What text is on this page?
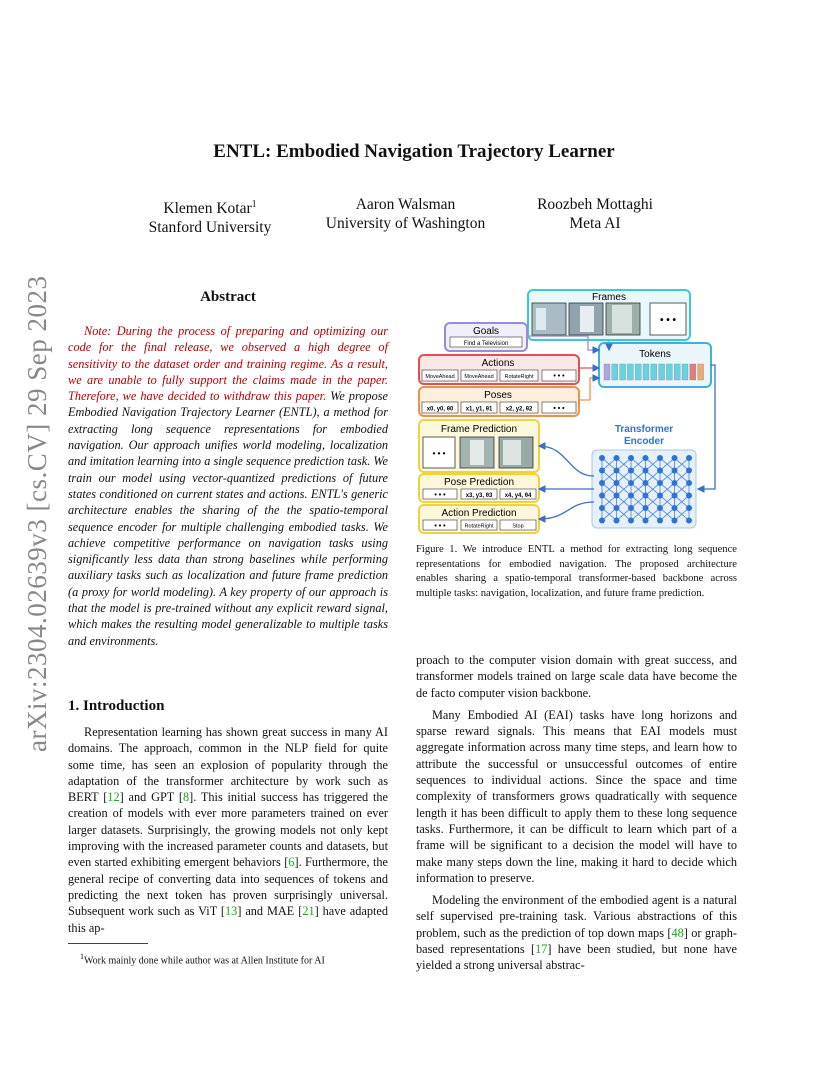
ENTL: Embodied Navigation Trajectory Learner
Klemen Kotar$^1$
Stanford University
Aaron Walsman
University of Washington
Roozbeh Mottaghi
Meta AI
arXiv:2304.02639v3 [cs.CV] 29 Sep 2023	Abstract
Note: During the process of preparing and optimizing our code for the final release, we observed a high degree of sensitivity to the dataset order and training regime. As a result, we are unable to fully support the claims made in the paper. Therefore, we have decided to withdraw this paper. We propose Embodied Navigation Trajectory Learner (ENTL), a method for extracting long sequence representations for embodied navigation. Our approach unifies world modeling, localization and imitation learning into a single sequence prediction task. We train our model using vector-quantized predictions of future states conditioned on current states and actions. ENTL's generic architecture enables the sharing of the the spatio-temporal sequence encoder for multiple challenging embodied tasks. We achieve competitive performance on navigation tasks using significantly less data than strong baselines while performing auxiliary tasks such as localization and future frame prediction (a proxy for world modeling). A key property of our approach is that the model is pre-trained without any explicit reward signal, which makes the resulting model generalizable to multiple tasks and environments.
1. Introduction

Representation learning has shown great success in many AI domains. The approach, common in the NLP field for quite some time, has seen an explosion of popularity through the adaptation of the transformer architecture by work such as BERT [12] and GPT [8]. This initial success has triggered the creation of models with ever more parameters trained on ever larger datasets. Surprisingly, the growing models not only kept improving with the increased parameter counts and datasets, but even started exhibiting emergent behaviors [6]. Furthermore, the general recipe of converting data into sequences of tokens and predicting the next token has proven surprisingly universal. Subsequent work such as ViT [13] and MAE [21] have adapted this ap-

$^1$Work mainly done while author was at Allen Institute for AI

proach to the computer vision domain with great success, and transformer models trained on large scale data have become the de facto computer vision backbone.

Many Embodied AI (EAI) tasks have long horizons and sparse reward signals. This means that EAI models must aggregate information across many time steps, and learn how to attribute the successful or unsuccessful outcomes of entire sequences to individual actions. Since the space and time complexity of transformers grows quadratically with sequence length it has been difficult to apply them to these long sequence tasks. Furthermore, it can be difficult to learn which part of a frame will be significant to a decision the model will have to make many steps down the line, making it hard to decide which information to preserve.

Modeling the environment of the embodied agent is a natural self supervised pre-training task. Various abstractions of this problem, such as the prediction of top down maps [48] or graph-based representations [17] have been studied, but none have yielded a strong universal abstrac-

Frames
• • •
Goals
Find a Television
Actions
MoveAhead MoveAhead RotateRight	• • •
Poses
x0, y0, θ0 x1, y1, θ1 x2, y2, θ2	• • •
Tokens
Transformer
Encoder
Frame Prediction
• • •
Pose Prediction
• • •	x3, y3, θ3 x4, y4, θ4
Action Prediction
• • •	RotateRight	Stop
Figure 1. We introduce ENTL a method for extracting long sequence representations for embodied navigation. The proposed architecture enables sharing a spatio-temporal transformer-based backbone across multiple tasks: navigation, localization, and future frame prediction.
